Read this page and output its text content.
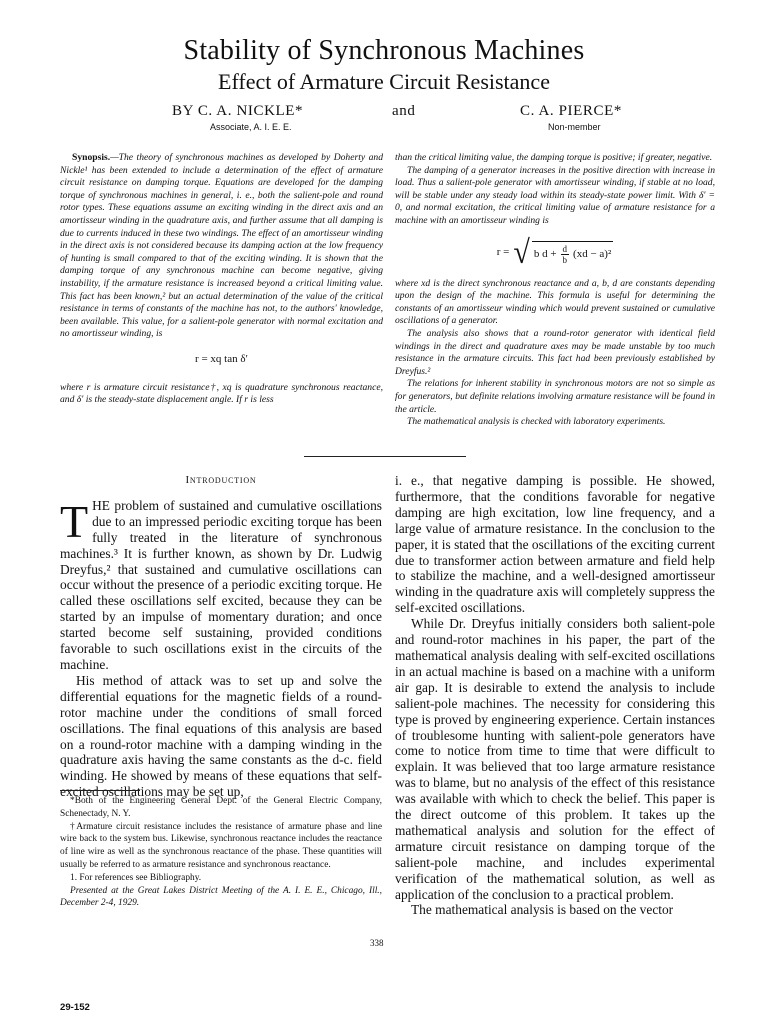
Stability of Synchronous Machines
Effect of Armature Circuit Resistance
BY C. A. NICKLE*	and	C. A. PIERCE*
Associate, A. I. E. E.	Non-member

Synopsis.—The theory of synchronous machines as developed by Doherty and Nickle¹ has been extended to include a determination of the effect of armature circuit resistance on damping torque. Equations are developed for the damping torque of synchronous machines in general, i. e., both the salient-pole and round rotor types. These equations assume an exciting winding in the direct axis and an amortisseur winding in the quadrature axis, and further assume that all damping is due to currents induced in these two windings. The effect of an amortisseur winding in the direct axis is not considered because its damping action at the low frequency of hunting is small compared to that of the exciting winding. It is shown that the damping torque of any synchronous machine can become negative, giving instability, if the armature resistance is increased beyond a critical limiting value. This fact has been known,² but an actual determination of the value of the critical resistance in terms of constants of the machine has not, to the authors' knowledge, been available. This value, for a salient-pole generator with normal excitation and no amortisseur winding, is

r = xq tan δ′

where r is armature circuit resistance†, xq is quadrature synchronous reactance, and δ′ is the steady-state displacement angle. If r is less

than the critical limiting value, the damping torque is positive; if greater, negative.

The damping of a generator increases in the positive direction with increase in load. Thus a salient-pole generator with amortisseur winding, if stable at no load, will be stable under any steady load within its steady-state power limit. With δ′ = 0, and normal excitation, the critical limiting value of armature resistance for a machine with an amortisseur winding is

r = √ b $d + \frac{d}{b} (xd - a)^2$

where xd is the direct synchronous reactance and a, b, d are constants depending upon the design of the machine. This formula is useful for determining the constants of an amortisseur winding which would prevent sustained or cumulative oscillations of a generator.

The analysis also shows that a round-rotor generator with identical field windings in the direct and quadrature axes may be made unstable by too much resistance in the armature circuits. This fact had been previously established by Dreyfus.²

The relations for inherent stability in synchronous motors are not so simple as for generators, but definite relations involving armature resistance will be found in the article.

The mathematical analysis is checked with laboratory experiments.

Introduction

THE problem of sustained and cumulative oscillations due to an impressed periodic exciting torque has been fully treated in the literature of synchronous machines.³ It is further known, as shown by Dr. Ludwig Dreyfus,² that sustained and cumulative oscillations can occur without the presence of a periodic exciting torque. He called these oscillations self excited, because they can be started by an impulse of momentary duration; and once started become self sustaining, provided conditions favorable to such oscillations exist in the circuits of the machine.

His method of attack was to set up and solve the differential equations for the magnetic fields of a round-rotor machine under the conditions of small forced oscillations. The final equations of this analysis are based on a round-rotor machine with a damping winding in the quadrature axis having the same constants as the d-c. field winding. He showed by means of these equations that self-excited oscillations may be set up,

*Both of the Engineering General Dept. of the General Electric Company, Schenectady, N. Y.

†Armature circuit resistance includes the resistance of armature phase and line wire back to the system bus. Likewise, synchronous reactance includes the reactance of line wire as well as the synchronous reactance of the phase. These quantities will usually be referred to as armature resistance and synchronous reactance.

1. For references see Bibliography.

Presented at the Great Lakes District Meeting of the A. I. E. E., Chicago, Ill., December 2-4, 1929.

i. e., that negative damping is possible. He showed, furthermore, that the conditions favorable for negative damping are high excitation, low line frequency, and a large value of armature resistance. In the conclusion to the paper, it is stated that the oscillations of the exciting current due to transformer action between armature and field help to stabilize the machine, and a well-designed amortisseur winding in the quadrature axis will completely suppress the self-excited oscillations.

While Dr. Dreyfus initially considers both salient-pole and round-rotor machines in his paper, the part of the mathematical analysis dealing with self-excited oscillations in an actual machine is based on a machine with a uniform air gap. It is desirable to extend the analysis to include salient-pole machines. The necessity for considering this type is proved by engineering experience. Certain instances of troublesome hunting with salient-pole generators have come to notice from time to time that were difficult to explain. It was believed that too large armature resistance was to blame, but no analysis of the effect of this resistance was available with which to check the belief. This paper is the direct outcome of this problem. It takes up the mathematical analysis and solution for the effect of armature circuit resistance on damping torque of the salient-pole machine, and includes experimental verification of the mathematical solution, as well as application of the conclusion to a practical problem.

The mathematical analysis is based on the vector

338
29-152
